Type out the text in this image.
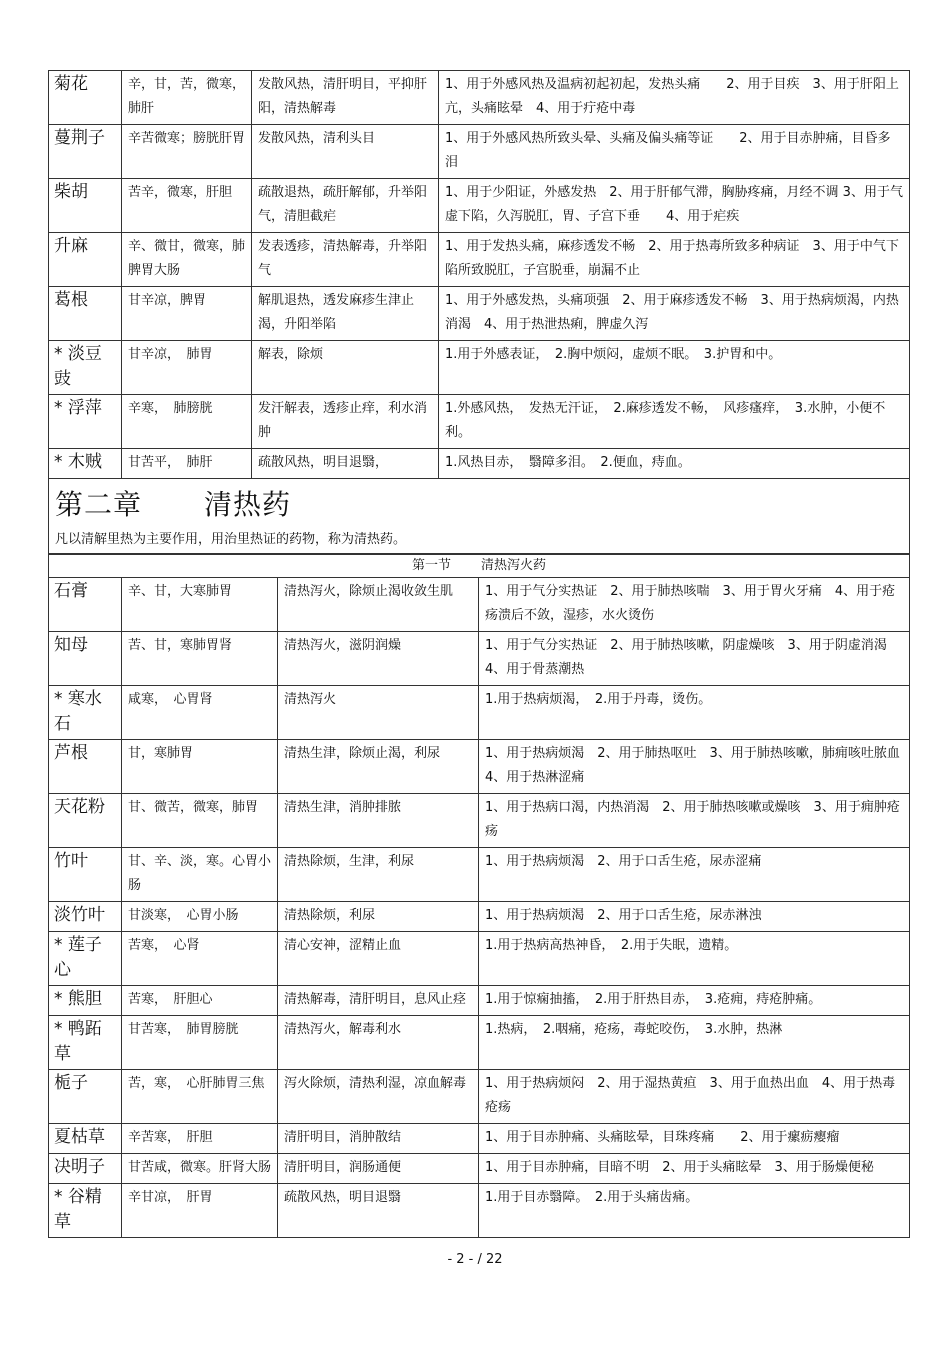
菊花	辛，甘，苦，微寒，肺肝	发散风热，清肝明目，平抑肝阳，清热解毒	1、用于外感风热及温病初起初起，发热头痛　　2、用于目疾　3、用于肝阳上亢，头痛眩晕　4、用于疔疮中毒
蔓荆子	辛苦微寒；膀胱肝胃	发散风热，清利头目	1、用于外感风热所致头晕、头痛及偏头痛等证　　2、用于目赤肿痛，目昏多泪
柴胡	苦辛，微寒，肝胆	疏散退热，疏肝解郁，升举阳气，清胆截疟	1、用于少阳证，外感发热　2、用于肝郁气滞，胸胁疼痛，月经不调 3、用于气虚下陷，久泻脱肛，胃、子宫下垂　　4、用于疟疾
升麻	辛、微甘，微寒，肺脾胃大肠	发表透疹，清热解毒，升举阳气	1、用于发热头痛，麻疹透发不畅　2、用于热毒所致多种病证　3、用于中气下陷所致脱肛，子宫脱垂，崩漏不止
葛根	甘辛凉，脾胃	解肌退热，透发麻疹生津止渴，升阳举陷	1、用于外感发热，头痛项强　2、用于麻疹透发不畅　3、用于热病烦渴，内热消渴　4、用于热泄热痢，脾虚久泻
* 淡豆豉	甘辛凉，　肺胃	解表，除烦	1.用于外感表证，　2.胸中烦闷，虚烦不眠。　3.护胃和中。
* 浮萍	辛寒，　肺膀胱	发汗解表，透疹止痒，利水消肿	1.外感风热，　发热无汗证，　2.麻疹透发不畅，　风疹瘙痒，　3.水肿，小便不利。
* 木贼	甘苦平，　肺肝	疏散风热，明目退翳，	1.风热目赤，　翳障多泪。　2.便血，痔血。

第二章 清热药
凡以清解里热为主要作用，用治里热证的药物，称为清热药。			
第一节 清热泻火药			
石膏	辛、甘，大寒肺胃	清热泻火，除烦止渴收敛生肌	1、用于气分实热证　2、用于肺热咳喘　3、用于胃火牙痛　4、用于疮疡溃后不敛，湿疹，水火烫伤
知母	苦、甘，寒肺胃肾	清热泻火，滋阴润燥	1、用于气分实热证　2、用于肺热咳嗽，阴虚燥咳　3、用于阴虚消渴　4、用于骨蒸潮热
* 寒水石	咸寒，　心胃肾	清热泻火	1.用于热病烦渴，　2.用于丹毒，烫伤。
芦根	甘，寒肺胃	清热生津，除烦止渴，利尿	1、用于热病烦渴　2、用于肺热呕吐　3、用于肺热咳嗽，肺痈咳吐脓血　4、用于热淋涩痛
天花粉	甘、微苦，微寒，肺胃	清热生津，消肿排脓	1、用于热病口渴，内热消渴　2、用于肺热咳嗽或燥咳　3、用于痈肿疮疡
竹叶	甘、辛、淡，寒。心胃小肠	清热除烦，生津，利尿	1、用于热病烦渴　2、用于口舌生疮，尿赤涩痛
淡竹叶	甘淡寒，　心胃小肠	清热除烦，利尿	1、用于热病烦渴　2、用于口舌生疮，尿赤淋浊
* 莲子心	苦寒，　心肾	清心安神，涩精止血	1.用于热病高热神昏，　2.用于失眠，遗精。
* 熊胆	苦寒，　肝胆心	清热解毒，清肝明目，息风止痉	1.用于惊痫抽搐，　2.用于肝热目赤，　3.疮痈，痔疮肿痛。
* 鸭跖草	甘苦寒，　肺胃膀胱	清热泻火，解毒利水	1.热病，　2.咽痛，疮疡，毒蛇咬伤，　3.水肿，热淋
栀子	苦，寒，　心肝肺胃三焦	泻火除烦，清热利湿，凉血解毒	1、用于热病烦闷　2、用于湿热黄疸　3、用于血热出血　4、用于热毒疮疡
夏枯草	辛苦寒，　肝胆	清肝明目，消肿散结	1、用于目赤肿痛、头痛眩晕，目珠疼痛　　2、用于瘰疬瘿瘤
决明子	甘苦咸，微寒。肝肾大肠	清肝明目，润肠通便	1、用于目赤肿痛，目暗不明　2、用于头痛眩晕　3、用于肠燥便秘
* 谷精草	辛甘凉，　肝胃	疏散风热，明目退翳	1.用于目赤翳障。　2.用于头痛齿痛。
- 2 - / 22
